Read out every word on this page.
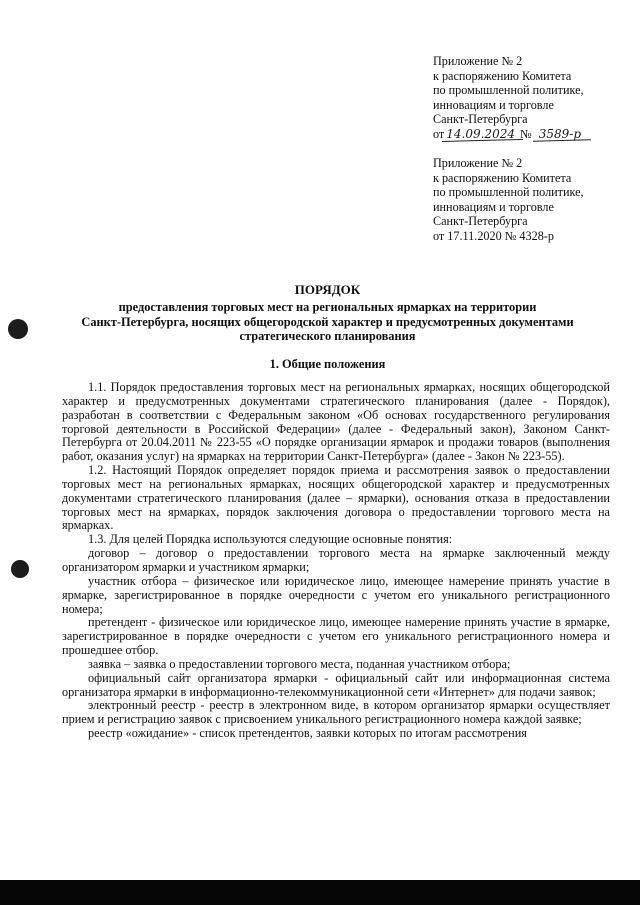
Приложение № 2
к распоряжению Комитета
по промышленной политике,
инновациям и торговле
Санкт-Петербурга
от 14.09.2024 № 3589-р
Приложение № 2
к распоряжению Комитета
по промышленной политике,
инновациям и торговле
Санкт-Петербурга
от 17.11.2020 № 4328-р
ПОРЯДОК
предоставления торговых мест на региональных ярмарках на территории
Санкт-Петербурга, носящих общегородской характер и предусмотренных документами
стратегического планирования
1. Общие положения

1.1. Порядок предоставления торговых мест на региональных ярмарках, носящих общегородской характер и предусмотренных документами стратегического планирования (далее - Порядок), разработан в соответствии с Федеральным законом «Об основах государственного регулирования торговой деятельности в Российской Федерации» (далее - Федеральный закон), Законом Санкт-Петербурга от 20.04.2011 № 223-55 «О порядке организации ярмарок и продажи товаров (выполнения работ, оказания услуг) на ярмарках на территории Санкт-Петербурга» (далее - Закон № 223-55).

1.2. Настоящий Порядок определяет порядок приема и рассмотрения заявок о предоставлении торговых мест на региональных ярмарках, носящих общегородской характер и предусмотренных документами стратегического планирования (далее – ярмарки), основания отказа в предоставлении торговых мест на ярмарках, порядок заключения договора о предоставлении торгового места на ярмарках.

1.3. Для целей Порядка используются следующие основные понятия:

договор – договор о предоставлении торгового места на ярмарке заключенный между организатором ярмарки и участником ярмарки;

участник отбора – физическое или юридическое лицо, имеющее намерение принять участие в ярмарке, зарегистрированное в порядке очередности с учетом его уникального регистрационного номера;

претендент - физическое или юридическое лицо, имеющее намерение принять участие в ярмарке, зарегистрированное в порядке очередности с учетом его уникального регистрационного номера и прошедшее отбор.

заявка – заявка о предоставлении торгового места, поданная участником отбора;

официальный сайт организатора ярмарки - официальный сайт или информационная система организатора ярмарки в информационно-телекоммуникационной сети «Интернет» для подачи заявок;

электронный реестр - реестр в электронном виде, в котором организатор ярмарки осуществляет прием и регистрацию заявок с присвоением уникального регистрационного номера каждой заявке;

реестр «ожидание» - список претендентов, заявки которых по итогам рассмотрения
